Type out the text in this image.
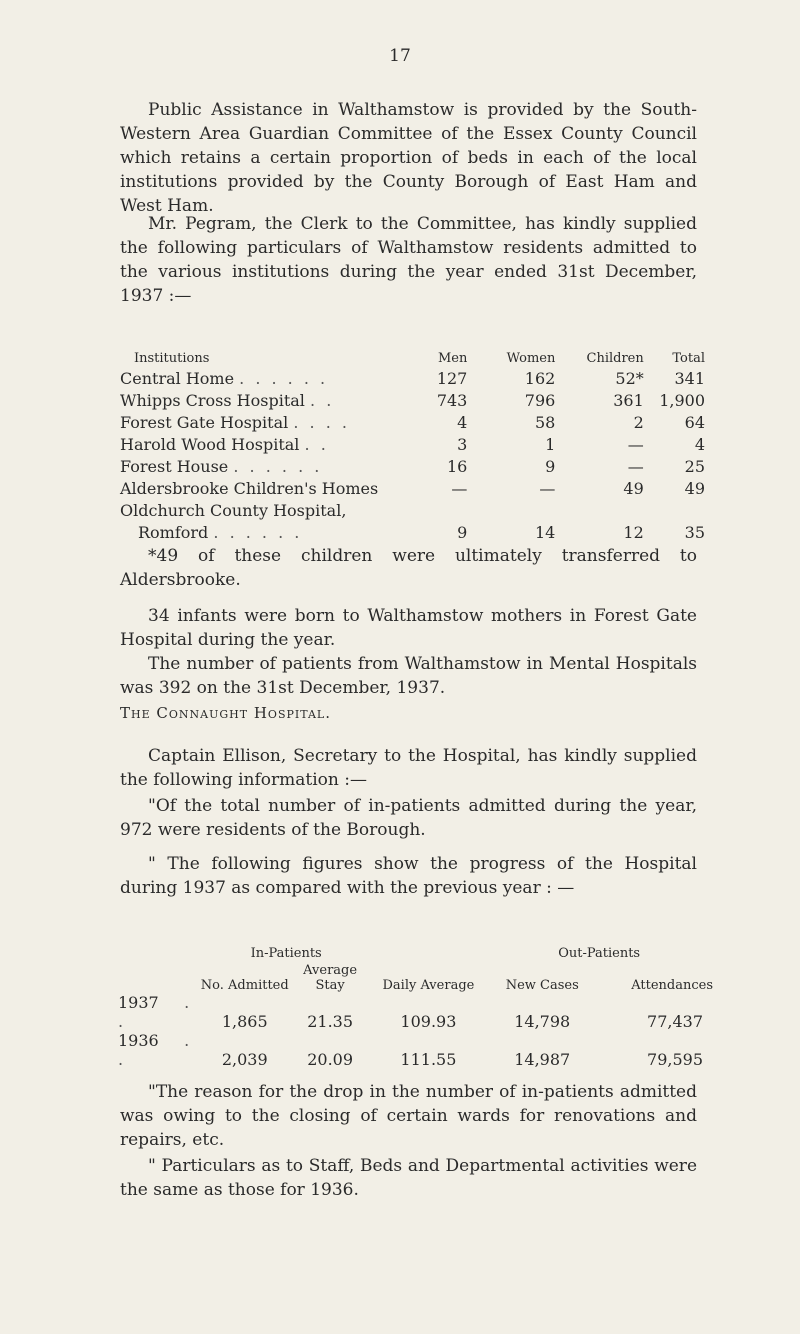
17

Public Assistance in Walthamstow is provided by the South-Western Area Guardian Committee of the Essex County Council which retains a certain proportion of beds in each of the local institutions provided by the County Borough of East Ham and West Ham.

Mr. Pegram, the Clerk to the Committee, has kindly supplied the following particulars of Walthamstow residents admitted to the various institutions during the year ended 31st December, 1937 :—

Institutions	Men	Women	Children	Total
Central Home . . . . . .	127	162	52*	341
Whipps Cross Hospital . .	743	796	361	1,900
Forest Gate Hospital . . . .	4	58	2	64
Harold Wood Hospital . .	3	1	—	4
Forest House . . . . . .	16	9	—	25
Aldersbrooke Children's Homes	—	—	49	49
Oldchurch County Hospital,				
Romford . . . . . .	9	14	12	35

*49 of these children were ultimately transferred to Aldersbrooke.

34 infants were born to Walthamstow mothers in Forest Gate Hospital during the year.

The number of patients from Walthamstow in Mental Hospitals was 392 on the 31st December, 1937.

The Connaught Hospital.

Captain Ellison, Secretary to the Hospital, has kindly supplied the following information :—

"Of the total number of in-patients admitted during the year, 972 were residents of the Borough.

" The following figures show the progress of the Hospital during 1937 as compared with the previous year : —

	In-Patients			Out-Patients	
	No. Admitted	Average Stay	Daily Average	New Cases	Attendances
1937 . .	1,865	21.35	109.93	14,798	77,437
1936 . .	2,039	20.09	111.55	14,987	79,595

"The reason for the drop in the number of in-patients admitted was owing to the closing of certain wards for renovations and repairs, etc.

" Particulars as to Staff, Beds and Departmental activities were the same as those for 1936.
